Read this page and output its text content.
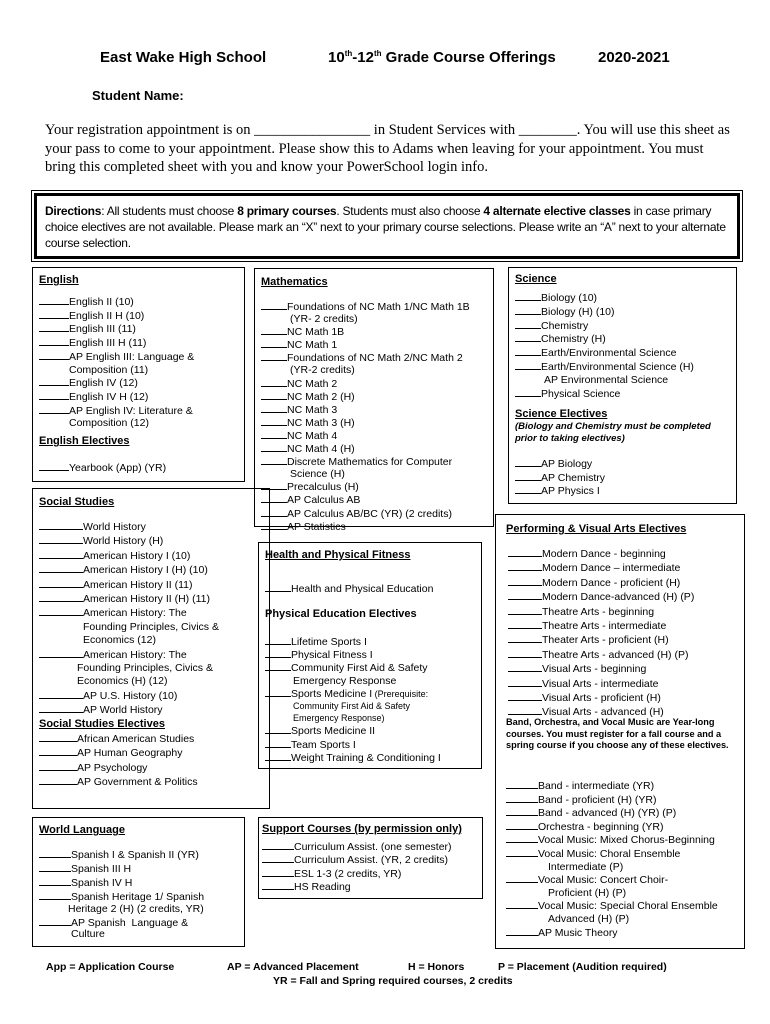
East Wake High School	10th-12th Grade Course Offerings	2020-2021
Student Name:
Your registration appointment is on ________________ in Student Services with ________. You will use this sheet as your pass to come to your appointment. Please show this to Adams when leaving for your appointment. You must bring this completed sheet with you and know your PowerSchool login info.
Directions: All students must choose 8 primary courses. Students must also choose 4 alternate elective classes in case primary choice electives are not available. Please mark an “X” next to your primary course selections. Please write an “A” next to your alternate course selection.
English
English II (10)
English II H (10)
English III (11)
English III H (11)
AP English III: Language &
Composition (11)
English IV (12)
English IV H (12)
AP English IV: Literature &
Composition (12)
English Electives
Yearbook (App) (YR)
Social Studies
World History
World History (H)
American History I (10)
American History I (H) (10)
American History II (11)
American History II (H) (11)
American History: The
Founding Principles, Civics &
Economics (12)
American History: The
Founding Principles, Civics &
Economics (H) (12)
AP U.S. History (10)
AP World History
Social Studies Electives
African American Studies
AP Human Geography
AP Psychology
AP Government & Politics
World Language
Spanish I & Spanish II (YR)
Spanish III H
Spanish IV H
Spanish Heritage 1/ Spanish
Heritage 2 (H) (2 credits, YR)
AP Spanish  Language &
Culture
Mathematics
Foundations of NC Math 1/NC Math 1B
(YR- 2 credits)
NC Math 1B
NC Math 1
Foundations of NC Math 2/NC Math 2
(YR-2 credits)
NC Math 2
NC Math 2 (H)
NC Math 3
NC Math 3 (H)
NC Math 4
NC Math 4 (H)
Discrete Mathematics for Computer
Science (H)
Precalculus (H)
AP Calculus AB
AP Calculus AB/BC (YR) (2 credits)
AP Statistics
Health and Physical Fitness
Health and Physical Education
Physical Education Electives
Lifetime Sports I
Physical Fitness I
Community First Aid & Safety
Emergency Response
Sports Medicine I (Prerequisite:
Community First Aid & Safety
Emergency Response)
Sports Medicine II
Team Sports I
Weight Training & Conditioning I
Support Courses (by permission only)
Curriculum Assist. (one semester)
Curriculum Assist. (YR, 2 credits)
ESL 1-3 (2 credits, YR)
HS Reading
Science
Biology (10)
Biology (H) (10)
Chemistry
Chemistry (H)
Earth/Environmental Science
Earth/Environmental Science (H)
AP Environmental Science
Physical Science
Science Electives
(Biology and Chemistry must be completed prior to taking electives)
AP Biology
AP Chemistry
AP Physics I
Performing & Visual Arts Electives
Modern Dance - beginning
Modern Dance – intermediate
Modern Dance - proficient (H)
Modern Dance-advanced (H) (P)
Theatre Arts - beginning
Theatre Arts - intermediate
Theater Arts - proficient (H)
Theatre Arts - advanced (H) (P)
Visual Arts - beginning
Visual Arts - intermediate
Visual Arts - proficient (H)
Visual Arts - advanced (H)
Band, Orchestra, and Vocal Music are Year-long courses. You must register for a fall course and a spring course if you choose any of these electives.
Band - intermediate (YR)
Band - proficient (H) (YR)
Band - advanced (H) (YR) (P)
Orchestra - beginning (YR)
Vocal Music: Mixed Chorus-Beginning
Vocal Music: Choral Ensemble
Intermediate (P)
Vocal Music: Concert Choir-
Proficient (H) (P)
Vocal Music: Special Choral Ensemble
Advanced (H) (P)
AP Music Theory
App = Application Course	AP = Advanced Placement	H = Honors	P = Placement (Audition required)
YR = Fall and Spring required courses, 2 credits
